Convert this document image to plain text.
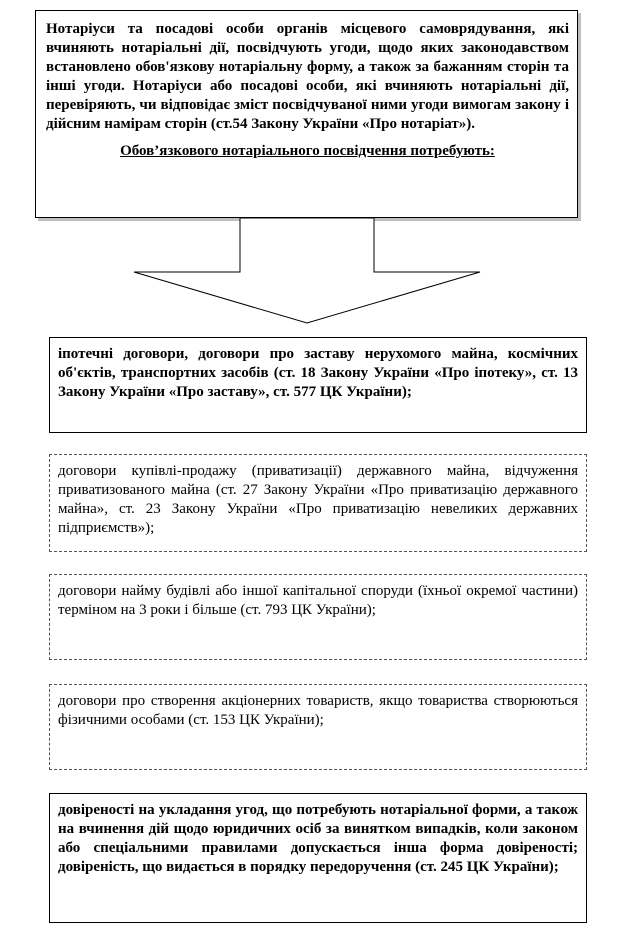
Нотаріуси та посадові особи органів місцевого самоврядування, які вчиняють нотаріальні дії, посвідчують угоди, щодо яких законодавством встановлено обов'язкову нотаріальну форму, а також за бажанням сторін та інші угоди. Нотаріуси або посадові особи, які вчиняють нотаріальні дії, перевіряють, чи відповідає зміст посвідчуваної ними угоди вимогам закону і дійсним намірам сторін (ст.54 Закону України «Про нотаріат»).

Обов’язкового нотаріального посвідчення потребують:

іпотечні договори, договори про заставу нерухомого майна, космічних об'єктів, транспортних засобів (ст. 18 Закону України «Про іпотеку», ст. 13 Закону України «Про заставу», ст. 577 ЦК України);
договори купівлі-продажу (приватизації) державного майна, відчуження приватизованого майна (ст. 27 Закону України «Про приватизацію державного майна», ст. 23 Закону України «Про приватизацію невеликих державних підприємств»);
договори найму будівлі або іншої капітальної споруди (їхньої окремої частини) терміном на 3 роки і більше (ст. 793 ЦК України);
договори про створення акціонерних товариств, якщо товариства створюються фізичними особами (ст. 153 ЦК України);
довіреності на укладання угод, що потребують нотаріальної форми, а також на вчинення дій щодо юридичних осіб за винятком випадків, коли законом або спеціальними правилами допускається інша форма довіреності; довіреність, що видається в порядку передоручення (ст. 245 ЦК України);
